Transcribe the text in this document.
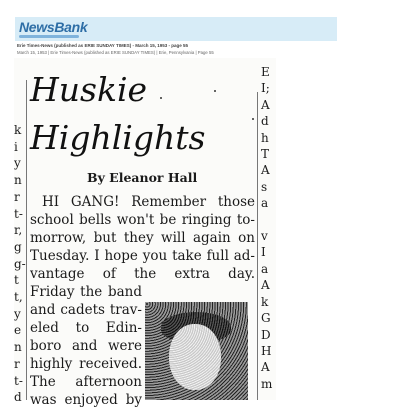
NewsBank
Erie Times-News (published as ERIE SUNDAY TIMES) - March 15, 1953 - page 55
March 15, 1953 | Erie Times-News (published as ERIE SUNDAY TIMES) | Erie, Pennsylvania | Page 55
k
i
y
n
r
t-
r,
g
g-
t
t,
y
e
n
r
t-
d
Huskie
Highlights
By Eleanor Hall
HI GANG! Remember those
school bells won't be ringing to-
morrow, but they will again on
Tuesday. I hope you take full ad-
vantage of the extra day.
Friday the band
and cadets trav-
eled to Edin-
boro and were
highly received.
The afternoon
was enjoyed by
E
I;
A
d
h
T
A
s
a

v
I
a
A
k
G
D
H
A
m
